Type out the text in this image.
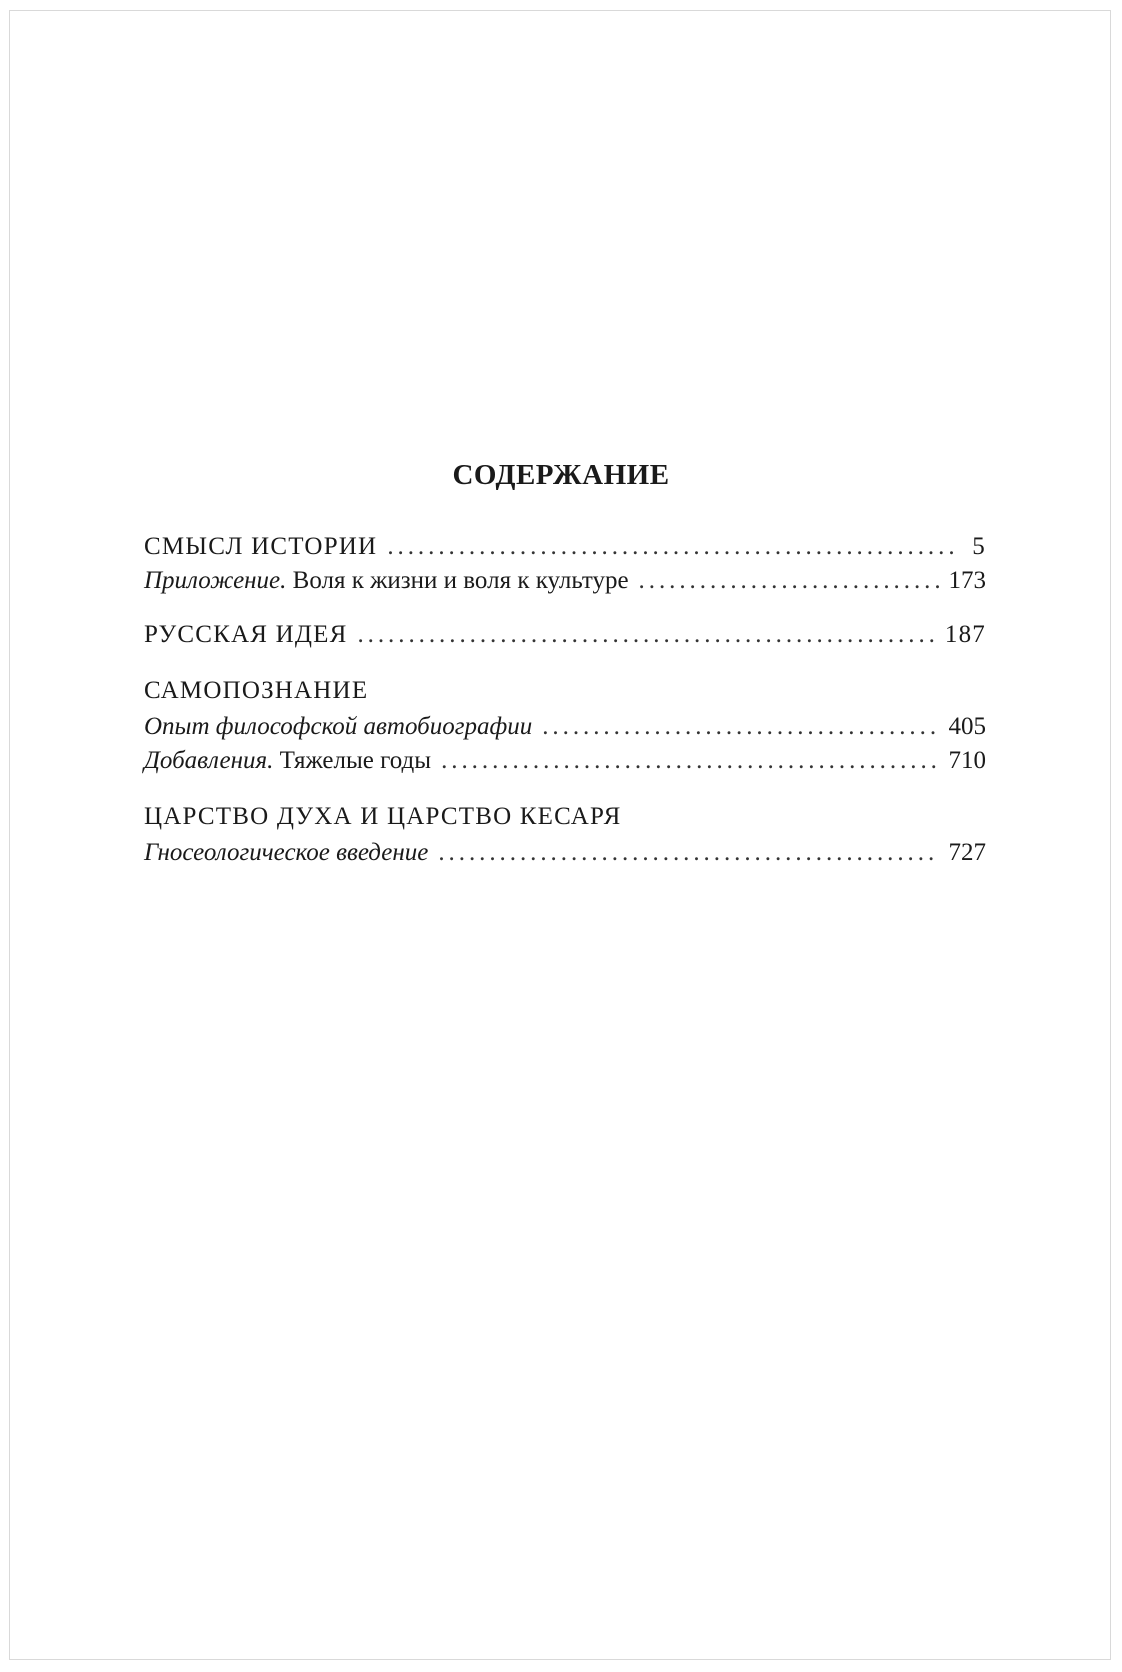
СОДЕРЖАНИЕ
СМЫСЛ ИСТОРИИ . . .	5
Приложение. Воля к жизни и воля к культуре . . .	173
РУССКАЯ ИДЕЯ . . .	187
САМОПОЗНАНИЕ
Опыт философской автобиографии . . .	405
Добавления. Тяжелые годы . . .	710
ЦАРСТВО ДУХА И ЦАРСТВО КЕСАРЯ
Гносеологическое введение . . .	727
